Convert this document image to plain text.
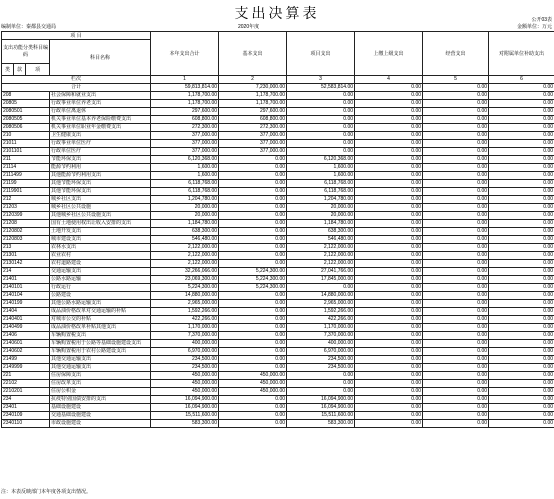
支出决算表	公开03表
编制单位：秦都县交通局	2020年度	金额单位：万元
项 目				本年支出合计	基本支出	项目支出	上缴上级支出	经营支出	对附属单位补助支出
支出功能分类科目编码			科目名称						
类	款	项							
栏次				1	2	3	4	5	6
合计				59,813,814.00	7,230,000.00	52,583,814.00	0.00	0.00	0.00
208			社会保障和就业支出	1,178,700.00	1,178,700.00	0.00	0.00	0.00	0.00
20805			行政事业单位养老支出	1,178,700.00	1,178,700.00	0.00	0.00	0.00	0.00
2080501			行政单位离退休	297,600.00	297,600.00	0.00	0.00	0.00	0.00
2080505			机关事业单位基本养老保险缴费支出	608,800.00	608,800.00	0.00	0.00	0.00	0.00
2080506			机关事业单位职业年金缴费支出	272,300.00	272,300.00	0.00	0.00	0.00	0.00
210			卫生健康支出	377,000.00	377,000.00	0.00	0.00	0.00	0.00
21011			行政事业单位医疗	377,000.00	377,000.00	0.00	0.00	0.00	0.00
2101101			行政单位医疗	377,000.00	377,000.00	0.00	0.00	0.00	0.00
211			节能环保支出	6,120,368.00	0.00	6,120,368.00	0.00	0.00	0.00
21114			能源节约利用	1,600.00	0.00	1,600.00	0.00	0.00	0.00
2111499			其他能源节约利用支出	1,600.00	0.00	1,600.00	0.00	0.00	0.00
21199			其他节能环保支出	6,118,768.00	0.00	6,118,768.00	0.00	0.00	0.00
2119901			其他节能环保支出	6,118,768.00	0.00	6,118,768.00	0.00	0.00	0.00
212			城乡社区支出	1,204,780.00	0.00	1,204,780.00	0.00	0.00	0.00
21203			城乡社区公共设施	20,000.00	0.00	20,000.00	0.00	0.00	0.00
2120399			其他城乡社区公共设施支出	20,000.00	0.00	20,000.00	0.00	0.00	0.00
21208			国有土地使用权出让收入安排的支出	1,184,780.00	0.00	1,184,780.00	0.00	0.00	0.00
2120802			土地开发支出	638,300.00	0.00	638,300.00	0.00	0.00	0.00
2120803			城市建设支出	546,480.00	0.00	546,480.00	0.00	0.00	0.00
213			农林水支出	2,122,000.00	0.00	2,122,000.00	0.00	0.00	0.00
21301			农业农村	2,122,000.00	0.00	2,122,000.00	0.00	0.00	0.00
2130142			农村道路建设	2,122,000.00	0.00	2,122,000.00	0.00	0.00	0.00
214			交通运输支出	32,266,066.00	5,224,300.00	27,041,766.00	0.00	0.00	0.00
21401			公路水路运输	23,069,300.00	5,224,300.00	17,845,000.00	0.00	0.00	0.00
2140101			行政运行	5,224,300.00	5,224,300.00	0.00	0.00	0.00	0.00
2140104			公路建设	14,880,000.00	0.00	14,880,000.00	0.00	0.00	0.00
2140199			其他公路水路运输支出	2,965,000.00	0.00	2,965,000.00	0.00	0.00	0.00
21404			成品油价格改革对交通运输的补贴	1,592,266.00	0.00	1,592,266.00	0.00	0.00	0.00
2140401			对城市公交的补贴	422,266.00	0.00	422,266.00	0.00	0.00	0.00
2140499			成品油价格改革补贴其他支出	1,170,000.00	0.00	1,170,000.00	0.00	0.00	0.00
21406			车辆购置税支出	7,370,000.00	0.00	7,370,000.00	0.00	0.00	0.00
2140601			车辆购置税用于公路等基础设施建设支出	400,000.00	0.00	400,000.00	0.00	0.00	0.00
2140602			车辆购置税用于农村公路建设支出	6,970,000.00	0.00	6,970,000.00	0.00	0.00	0.00
21499			其他交通运输支出	234,500.00	0.00	234,500.00	0.00	0.00	0.00
2149999			其他交通运输支出	234,500.00	0.00	234,500.00	0.00	0.00	0.00
221			住房保障支出	450,000.00	450,000.00	0.00	0.00	0.00	0.00
22102			住房改革支出	450,000.00	450,000.00	0.00	0.00	0.00	0.00
2210201			住房公积金	450,000.00	450,000.00	0.00	0.00	0.00	0.00
234			抗疫特别国债安排的支出	16,094,900.00	0.00	16,094,900.00	0.00	0.00	0.00
23401			基础设施建设	16,094,900.00	0.00	16,094,900.00	0.00	0.00	0.00
2340109			交通基础设施建设	15,511,600.00	0.00	15,511,600.00	0.00	0.00	0.00
2340110			市政设施建设	583,300.00	0.00	583,300.00	0.00	0.00	0.00
注：本表反映部门本年度各项支出情况。
